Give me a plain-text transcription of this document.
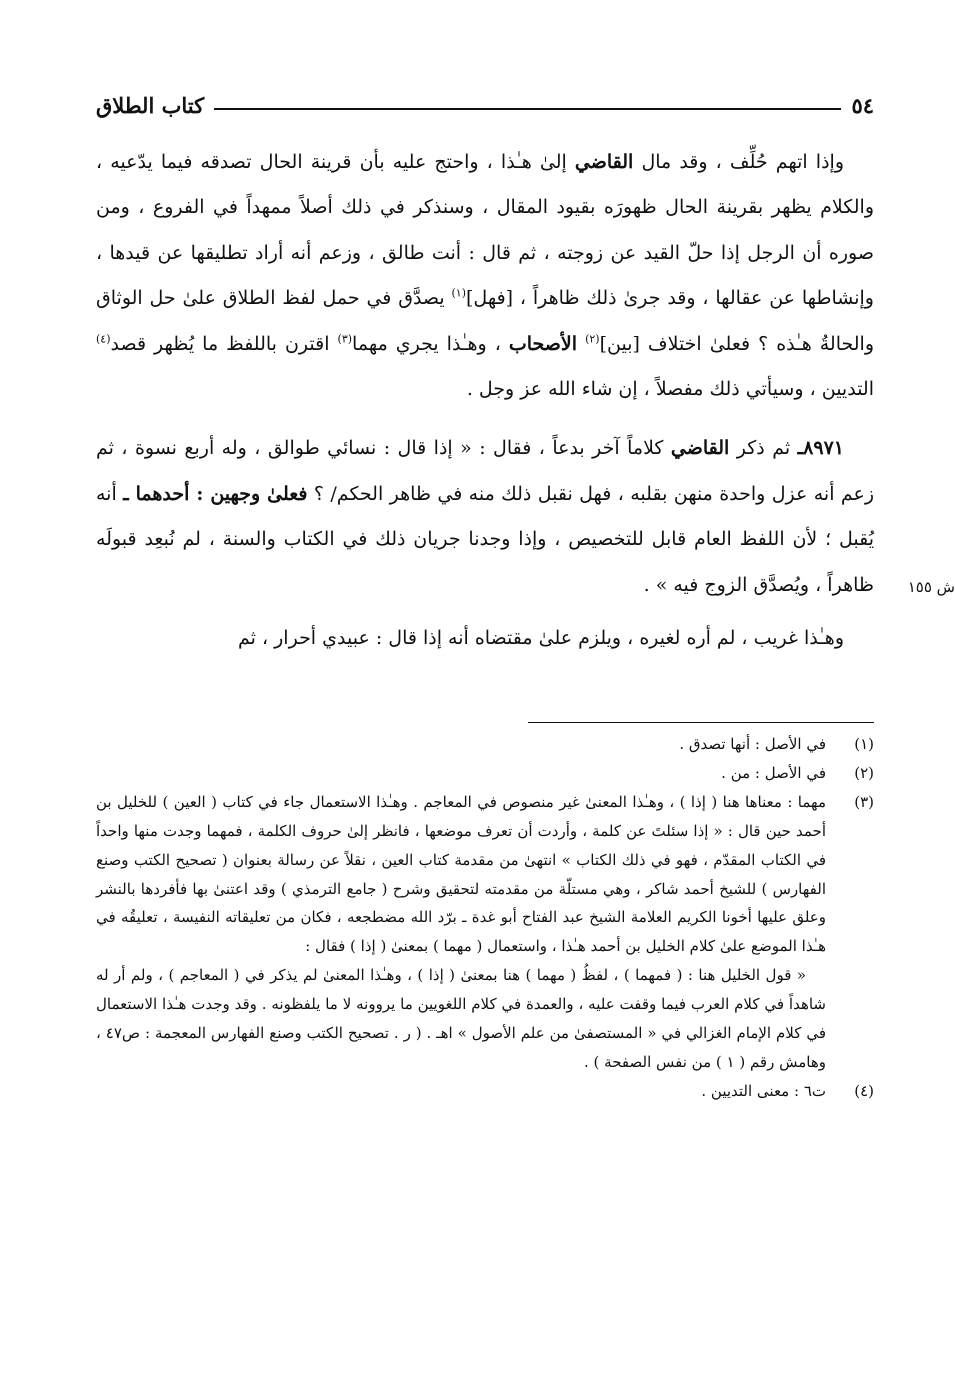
٥٤
كتاب الطلاق
ش ١٥٥

وإذا اتهم حُلِّف ، وقد مال القاضي إلىٰ هـٰذا ، واحتج عليه بأن قرينة الحال تصدقه فيما يدّعيه ، والكلام يظهر بقرينة الحال ظهورَه بقيود المقال ، وسنذكر في ذلك أصلاً ممهداً في الفروع ، ومن صوره أن الرجل إذا حلّ القيد عن زوجته ، ثم قال : أنت طالق ، وزعم أنه أراد تطليقها عن قيدها ، وإنشاطها عن عقالها ، وقد جرىٰ ذلك ظاهراً ، [فهل]$^{(١)}$ يصدَّق في حمل لفظ الطلاق علىٰ حل الوثاق والحالةُ هـٰذه ؟ فعلىٰ اختلاف [بين]$^{(٢)}$ الأصحاب ، وهـٰذا يجري مهما$^{(٣)}$ اقترن باللفظ ما يُظهر قصد$^{(٤)}$ التديين ، وسيأتي ذلك مفصلاً ، إن شاء الله عز وجل .

٨٩٧١ـ ثم ذكر القاضي كلاماً آخر بدعاً ، فقال : « إذا قال : نسائي طوالق ، وله أربع نسوة ، ثم زعم أنه عزل واحدة منهن بقلبه ، فهل نقبل ذلك منه في ظاهر الحكم/ ؟ فعلىٰ وجهين : أحدهما ـ أنه يُقبل ؛ لأن اللفظ العام قابل للتخصيص ، وإذا وجدنا جريان ذلك في الكتاب والسنة ، لم نُبعِد قبولَه ظاهراً ، ويُصدَّق الزوج فيه » .

وهـٰذا غريب ، لم أره لغيره ، ويلزم علىٰ مقتضاه أنه إذا قال : عبيدي أحرار ، ثم

(١)
في الأصل : أنها تصدق .
(٢)
في الأصل : من .
(٣)

مهما : معناها هنا ( إذا ) ، وهـٰذا المعنىٰ غير منصوص في المعاجم . وهـٰذا الاستعمال جاء في كتاب ( العين ) للخليل بن أحمد حين قال : « إذا سئلتَ عن كلمة ، وأردت أن تعرف موضعها ، فانظر إلىٰ حروف الكلمة ، فمهما وجدت منها واحداً في الكتاب المقدّم ، فهو في ذلك الكتاب » انتهىٰ من مقدمة كتاب العين ، نقلاً عن رسالة بعنوان ( تصحيح الكتب وصنع الفهارس ) للشيخ أحمد شاكر ، وهي مستلّة من مقدمته لتحقيق وشرح ( جامع الترمذي ) وقد اعتنىٰ بها فأفردها بالنشر وعلق عليها أخونا الكريم العلامة الشيخ عبد الفتاح أبو غدة ـ برّد الله مضطجعه ، فكان من تعليقاته النفيسة ، تعليقُه في هـٰذا الموضع علىٰ كلام الخليل بن أحمد هـٰذا ، واستعمال ( مهما ) بمعنىٰ ( إذا ) فقال :

« قول الخليل هنا : ( فمهما ) ، لفظُ ( مهما ) هنا بمعنىٰ ( إذا ) ، وهـٰذا المعنىٰ لم يذكر في ( المعاجم ) ، ولم أر له شاهداً في كلام العرب فيما وقفت عليه ، والعمدة في كلام اللغويين ما يروونه لا ما يلفظونه . وقد وجدت هـٰذا الاستعمال في كلام الإمام الغزالي في « المستصفىٰ من علم الأصول » اهـ . ( ر . تصحيح الكتب وصنع الفهارس المعجمة : ص٤٧ ، وهامش رقم ( ١ ) من نفس الصفحة ) .

(٤)
ت٦ : معنى التديين .
